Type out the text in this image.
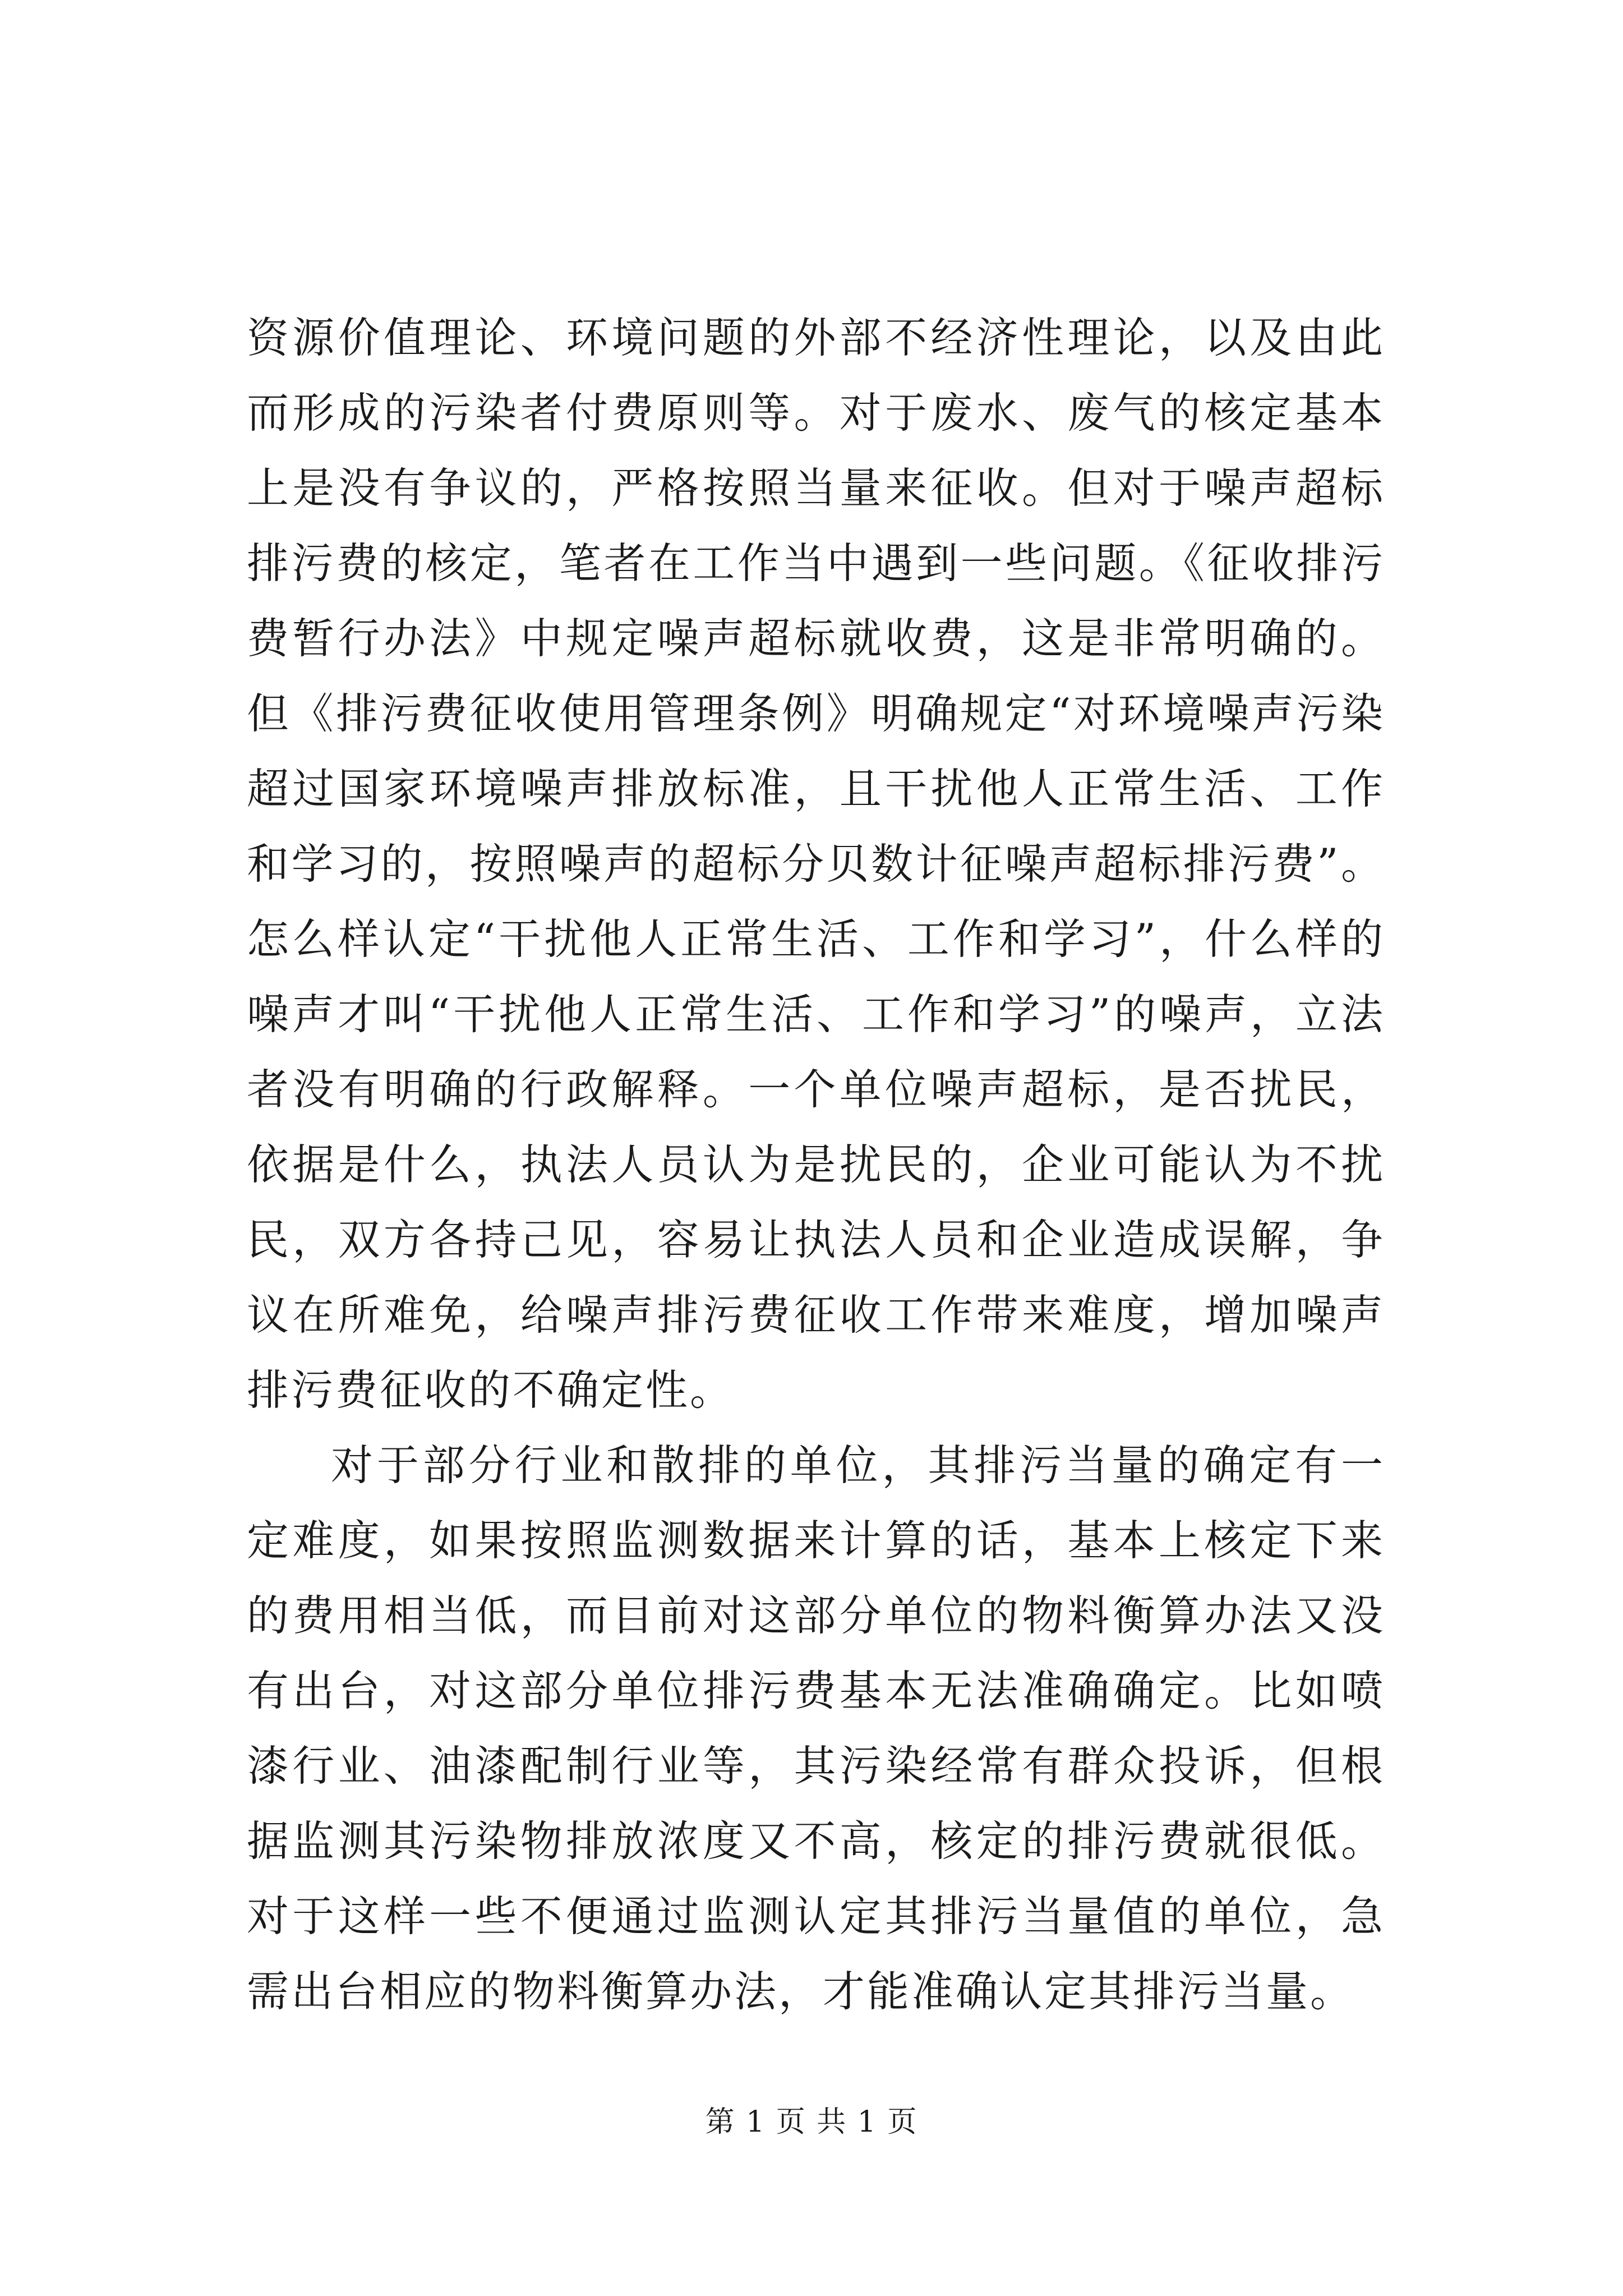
资源价值理论、环境问题的外部不经济性理论，以及由此而形成的污染者付费原则等。对于废水、废气的核定基本上是没有争议的，严格按照当量来征收。但对于噪声超标排污费的核定，笔者在工作当中遇到一些问题。《征收排污费暂行办法》中规定噪声超标就收费，这是非常明确的。但《排污费征收使用管理条例》明确规定“对环境噪声污染超过国家环境噪声排放标准，且干扰他人正常生活、工作和学习的，按照噪声的超标分贝数计征噪声超标排污费”。怎么样认定“干扰他人正常生活、工作和学习”，什么样的噪声才叫“干扰他人正常生活、工作和学习”的噪声，立法者没有明确的行政解释。一个单位噪声超标，是否扰民，依据是什么，执法人员认为是扰民的，企业可能认为不扰民，双方各持己见，容易让执法人员和企业造成误解，争议在所难免，给噪声排污费征收工作带来难度，增加噪声排污费征收的不确定性。

对于部分行业和散排的单位，其排污当量的确定有一定难度，如果按照监测数据来计算的话，基本上核定下来的费用相当低，而目前对这部分单位的物料衡算办法又没有出台，对这部分单位排污费基本无法准确确定。比如喷漆行业、油漆配制行业等，其污染经常有群众投诉，但根据监测其污染物排放浓度又不高，核定的排污费就很低。对于这样一些不便通过监测认定其排污当量值的单位，急需出台相应的物料衡算办法，才能准确认定其排污当量。

第 1 页 共 1 页
